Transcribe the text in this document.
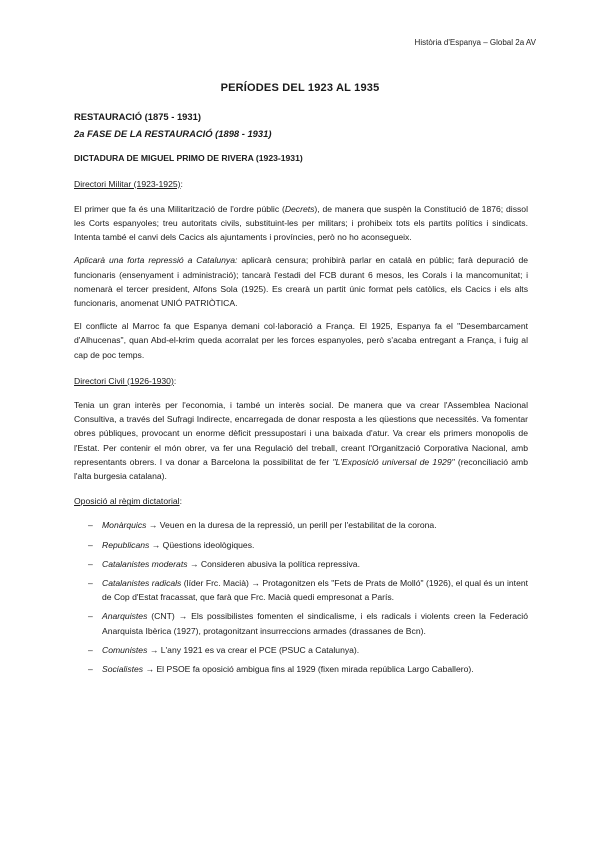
Història d'Espanya – Global 2a AV
PERÍODES DEL 1923 AL 1935
RESTAURACIÓ (1875 - 1931)
2a FASE DE LA RESTAURACIÓ (1898 - 1931)
DICTADURA DE MIGUEL PRIMO DE RIVERA (1923-1931)
Directori Militar (1923-1925):

El primer que fa és una Militarització de l'ordre públic (Decrets), de manera que suspèn la Constitució de 1876; dissol les Corts espanyoles; treu autoritats civils, substituint-les per militars; i prohibeix tots els partits polítics i sindicats. Intenta també el canvi dels Cacics als ajuntaments i províncies, però no ho aconsegueix.

Aplicarà una forta repressió a Catalunya: aplicarà censura; prohibirà parlar en català en públic; farà depuració de funcionaris (ensenyament i administració); tancarà l'estadi del FCB durant 6 mesos, les Corals i la mancomunitat; i nomenarà el tercer president, Alfons Sola (1925). Es crearà un partit únic format pels catòlics, els Cacics i els alts funcionaris, anomenat UNIÓ PATRIÒTICA.

El conflicte al Marroc fa que Espanya demani col·laboració a França. El 1925, Espanya fa el "Desembarcament d'Alhucenas", quan Abd-el-krim queda acorralat per les forces espanyoles, però s'acaba entregant a França, i fuig al cap de poc temps.

Directori Civil (1926-1930):

Tenia un gran interès per l'economia, i també un interès social. De manera que va crear l'Assemblea Nacional Consultiva, a través del Sufragi Indirecte, encarregada de donar resposta a les qüestions que necessités. Va fomentar obres públiques, provocant un enorme dèficit pressupostari i una baixada d'atur. Va crear els primers monopolis de l'Estat. Per contenir el món obrer, va fer una Regulació del treball, creant l'Organització Corporativa Nacional, amb representants obrers. I va donar a Barcelona la possibilitat de fer "L'Exposició universal de 1929" (reconciliació amb l'alta burgesia catalana).

Oposició al règim dictatorial:
– Monàrquics → Veuen en la duresa de la repressió, un perill per l'estabilitat de la corona.
– Republicans → Qüestions ideològiques.
– Catalanistes moderats → Consideren abusiva la política repressiva.
– Catalanistes radicals (líder Frc. Macià) → Protagonitzen els "Fets de Prats de Molló" (1926), el qual és un intent de Cop d'Estat fracassat, que farà que Frc. Macià quedi empresonat a París.
– Anarquistes (CNT) → Els possibilistes fomenten el sindicalisme, i els radicals i violents creen la Federació Anarquista Ibèrica (1927), protagonitzant insurreccions armades (drassanes de Bcn).
– Comunistes → L'any 1921 es va crear el PCE (PSUC a Catalunya).
– Socialistes → El PSOE fa oposició ambigua fins al 1929 (fixen mirada república Largo Caballero).
